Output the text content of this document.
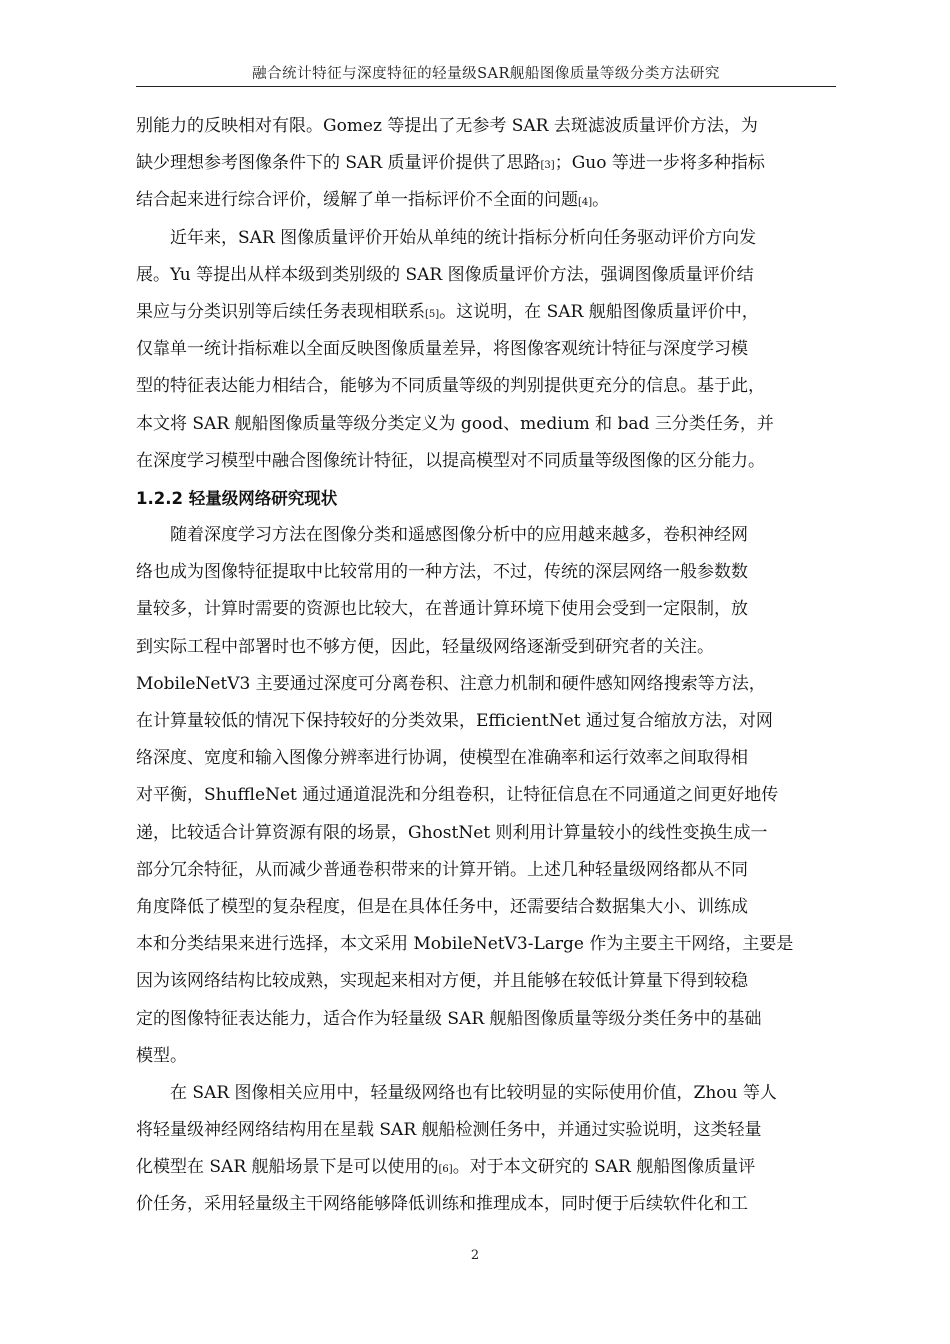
融合统计特征与深度特征的轻量级SAR舰船图像质量等级分类方法研究
别能力的反映相对有限。Gomez 等提出了无参考 SAR 去斑滤波质量评价方法，为
缺少理想参考图像条件下的 SAR 质量评价提供了思路 [3] ；Guo 等进一步将多种指标
结合起来进行综合评价，缓解了单一指标评价不全面的问题 [4] 。
近年来，SAR 图像质量评价开始从单纯的统计指标分析向任务驱动评价方向发
展。Yu 等提出从样本级到类别级的 SAR 图像质量评价方法，强调图像质量评价结
果应与分类识别等后续任务表现相联系 [5] 。这说明，在 SAR 舰船图像质量评价中，
仅靠单一统计指标难以全面反映图像质量差异，将图像客观统计特征与深度学习模
型的特征表达能力相结合，能够为不同质量等级的判别提供更充分的信息。基于此，
本文将 SAR 舰船图像质量等级分类定义为 good、medium 和 bad 三分类任务，并
在深度学习模型中融合图像统计特征，以提高模型对不同质量等级图像的区分能力。
1.2.2 轻量级网络研究现状
随着深度学习方法在图像分类和遥感图像分析中的应用越来越多，卷积神经网
络也成为图像特征提取中比较常用的一种方法，不过，传统的深层网络一般参数数
量较多，计算时需要的资源也比较大，在普通计算环境下使用会受到一定限制，放
到实际工程中部署时也不够方便，因此，轻量级网络逐渐受到研究者的关注。
MobileNetV3 主要通过深度可分离卷积、注意力机制和硬件感知网络搜索等方法，
在计算量较低的情况下保持较好的分类效果，EfficientNet 通过复合缩放方法，对网
络深度、宽度和输入图像分辨率进行协调，使模型在准确率和运行效率之间取得相
对平衡，ShuffleNet 通过通道混洗和分组卷积，让特征信息在不同通道之间更好地传
递，比较适合计算资源有限的场景，GhostNet 则利用计算量较小的线性变换生成一
部分冗余特征，从而减少普通卷积带来的计算开销。上述几种轻量级网络都从不同
角度降低了模型的复杂程度，但是在具体任务中，还需要结合数据集大小、训练成
本和分类结果来进行选择，本文采用 MobileNetV3-Large 作为主要主干网络，主要是
因为该网络结构比较成熟，实现起来相对方便，并且能够在较低计算量下得到较稳
定的图像特征表达能力，适合作为轻量级 SAR 舰船图像质量等级分类任务中的基础
模型。
在 SAR 图像相关应用中，轻量级网络也有比较明显的实际使用价值，Zhou 等人
将轻量级神经网络结构用在星载 SAR 舰船检测任务中，并通过实验说明，这类轻量
化模型在 SAR 舰船场景下是可以使用的 [6] 。对于本文研究的 SAR 舰船图像质量评
价任务，采用轻量级主干网络能够降低训练和推理成本，同时便于后续软件化和工
2
